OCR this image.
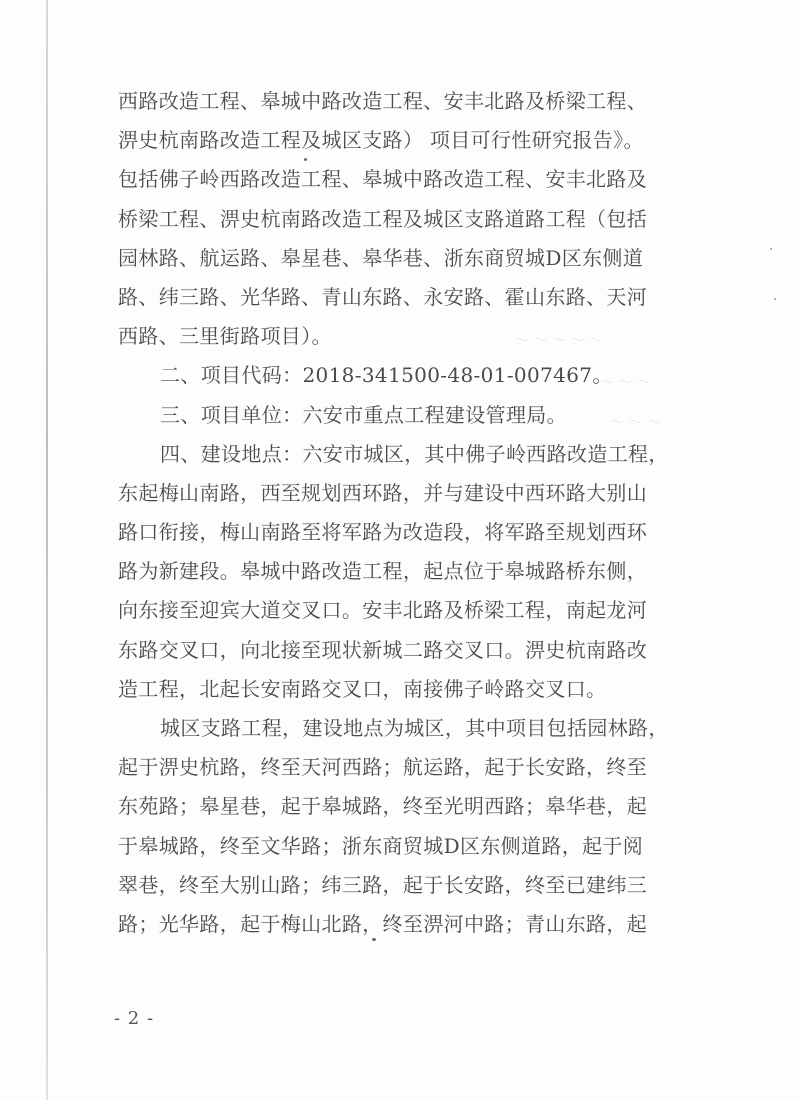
～ ～ ～ ～ ～
～ ～ ～
～ ～ ～
西路改造工程、皋城中路改造工程、安丰北路及桥梁工程、
淠史杭南路改造工程及城区支路） 项目可行性研究报告》。
包括佛子岭西路改造工程、皋城中路改造工程、安丰北路及
桥梁工程、淠史杭南路改造工程及城区支路道路工程（包括
园林路、航运路、皋星巷、皋华巷、浙东商贸城D区东侧道
路、纬三路、光华路、青山东路、永安路、霍山东路、天河
西路、三里街路项目）。
二、项目代码：2018-341500-48-01-007467。
三、项目单位：六安市重点工程建设管理局。
四、建设地点：六安市城区，其中佛子岭西路改造工程，
东起梅山南路，西至规划西环路，并与建设中西环路大别山
路口衔接，梅山南路至将军路为改造段，将军路至规划西环
路为新建段。皋城中路改造工程，起点位于皋城路桥东侧，
向东接至迎宾大道交叉口。安丰北路及桥梁工程，南起龙河
东路交叉口，向北接至现状新城二路交叉口。淠史杭南路改
造工程，北起长安南路交叉口，南接佛子岭路交叉口。
城区支路工程，建设地点为城区，其中项目包括园林路，
起于淠史杭路，终至天河西路；航运路，起于长安路，终至
东苑路；皋星巷，起于皋城路，终至光明西路；皋华巷，起
于皋城路，终至文华路；浙东商贸城D区东侧道路，起于阅
翠巷，终至大别山路；纬三路，起于长安路，终至已建纬三
路；光华路，起于梅山北路，终至淠河中路；青山东路，起
- 2 -
